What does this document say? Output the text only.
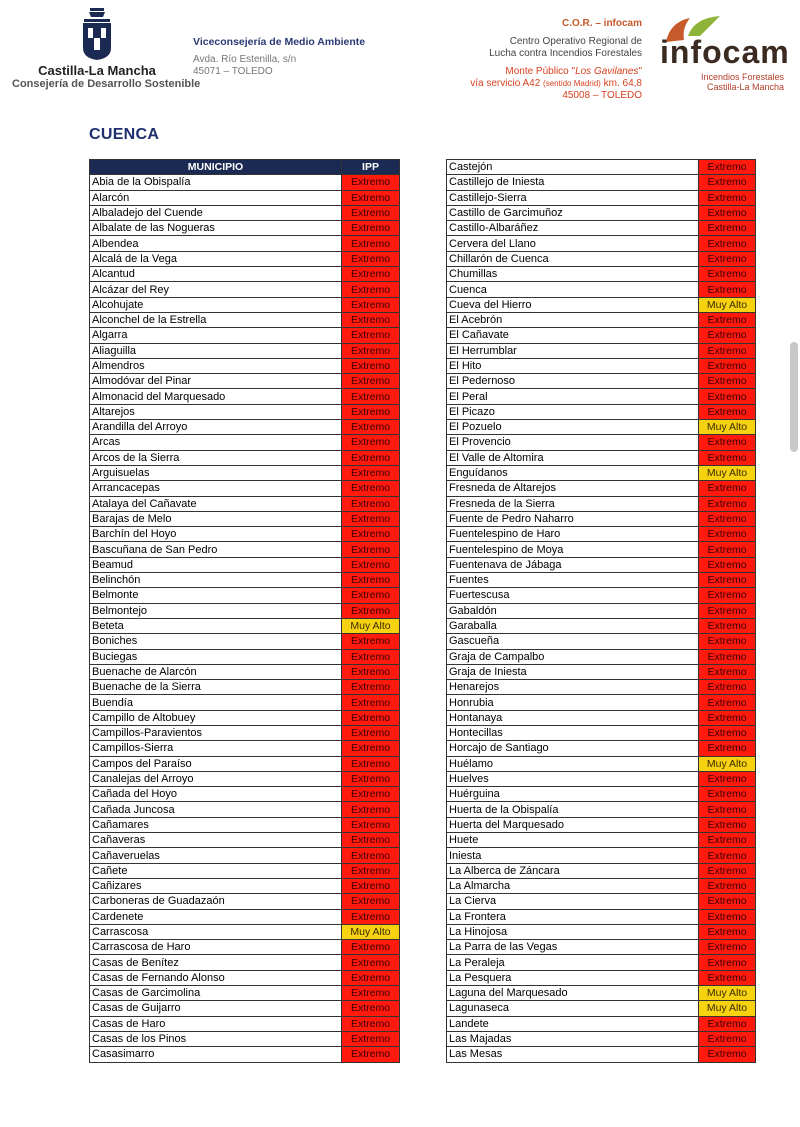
Castilla-La Mancha
Consejería de Desarrollo Sostenible
Viceconsejería de Medio Ambiente
Avda. Río Estenilla, s/n
45071 – TOLEDO
C.O.R. – infocam
Centro Operativo Regional de
Lucha contra Incendios Forestales
Monte Público "Los Gavilanes"
vía servicio A42 (sentido Madrid) km. 64,8
45008 – TOLEDO
infocam
Incendios Forestales
Castilla-La Mancha
CUENCA
MUNICIPIO	IPP
Abia de la Obispalía	Extremo
Alarcón	Extremo
Albaladejo del Cuende	Extremo
Albalate de las Nogueras	Extremo
Albendea	Extremo
Alcalá de la Vega	Extremo
Alcantud	Extremo
Alcázar del Rey	Extremo
Alcohujate	Extremo
Alconchel de la Estrella	Extremo
Algarra	Extremo
Aliaguilla	Extremo
Almendros	Extremo
Almodóvar del Pinar	Extremo
Almonacid del Marquesado	Extremo
Altarejos	Extremo
Arandilla del Arroyo	Extremo
Arcas	Extremo
Arcos de la Sierra	Extremo
Arguisuelas	Extremo
Arrancacepas	Extremo
Atalaya del Cañavate	Extremo
Barajas de Melo	Extremo
Barchín del Hoyo	Extremo
Bascuñana de San Pedro	Extremo
Beamud	Extremo
Belinchón	Extremo
Belmonte	Extremo
Belmontejo	Extremo
Beteta	Muy Alto
Boniches	Extremo
Buciegas	Extremo
Buenache de Alarcón	Extremo
Buenache de la Sierra	Extremo
Buendía	Extremo
Campillo de Altobuey	Extremo
Campillos-Paravientos	Extremo
Campillos-Sierra	Extremo
Campos del Paraíso	Extremo
Canalejas del Arroyo	Extremo
Cañada del Hoyo	Extremo
Cañada Juncosa	Extremo
Cañamares	Extremo
Cañaveras	Extremo
Cañaveruelas	Extremo
Cañete	Extremo
Cañizares	Extremo
Carboneras de Guadazaón	Extremo
Cardenete	Extremo
Carrascosa	Muy Alto
Carrascosa de Haro	Extremo
Casas de Benítez	Extremo
Casas de Fernando Alonso	Extremo
Casas de Garcimolina	Extremo
Casas de Guijarro	Extremo
Casas de Haro	Extremo
Casas de los Pinos	Extremo
Casasimarro	Extremo
Castejón	Extremo
Castillejo de Iniesta	Extremo
Castillejo-Sierra	Extremo
Castillo de Garcimuñoz	Extremo
Castillo-Albaráñez	Extremo
Cervera del Llano	Extremo
Chillarón de Cuenca	Extremo
Chumillas	Extremo
Cuenca	Extremo
Cueva del Hierro	Muy Alto
El Acebrón	Extremo
El Cañavate	Extremo
El Herrumblar	Extremo
El Hito	Extremo
El Pedernoso	Extremo
El Peral	Extremo
El Picazo	Extremo
El Pozuelo	Muy Alto
El Provencio	Extremo
El Valle de Altomira	Extremo
Enguídanos	Muy Alto
Fresneda de Altarejos	Extremo
Fresneda de la Sierra	Extremo
Fuente de Pedro Naharro	Extremo
Fuentelespino de Haro	Extremo
Fuentelespino de Moya	Extremo
Fuentenava de Jábaga	Extremo
Fuentes	Extremo
Fuertescusa	Extremo
Gabaldón	Extremo
Garaballa	Extremo
Gascueña	Extremo
Graja de Campalbo	Extremo
Graja de Iniesta	Extremo
Henarejos	Extremo
Honrubia	Extremo
Hontanaya	Extremo
Hontecillas	Extremo
Horcajo de Santiago	Extremo
Huélamo	Muy Alto
Huelves	Extremo
Huérguina	Extremo
Huerta de la Obispalía	Extremo
Huerta del Marquesado	Extremo
Huete	Extremo
Iniesta	Extremo
La Alberca de Záncara	Extremo
La Almarcha	Extremo
La Cierva	Extremo
La Frontera	Extremo
La Hinojosa	Extremo
La Parra de las Vegas	Extremo
La Peraleja	Extremo
La Pesquera	Extremo
Laguna del Marquesado	Muy Alto
Lagunaseca	Muy Alto
Landete	Extremo
Las Majadas	Extremo
Las Mesas	Extremo
